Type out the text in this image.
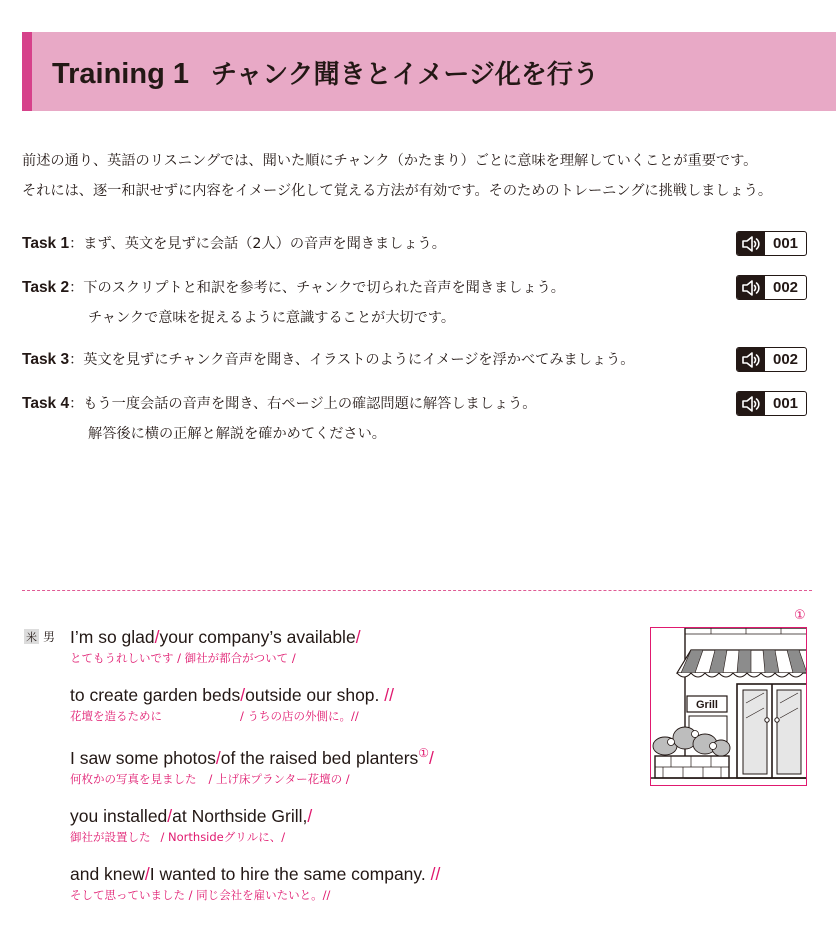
Training 1 チャンク聞きとイメージ化を行う

前述の通り、英語のリスニングでは、聞いた順にチャンク（かたまり）ごとに意味を理解していくことが重要です。

それには、逐一和訳せずに内容をイメージ化して覚える方法が有効です。そのためのトレーニングに挑戦しましょう。

Task 1：まず、英文を見ずに会話（2人）の音声を聞きましょう。	001
Task 2：下のスクリプトと和訳を参考に、チャンクで切られた音声を聞きましょう。
チャンクで意味を捉えるように意識することが大切です。
002
Task 3：英文を見ずにチャンク音声を聞き、イラストのようにイメージを浮かべてみましょう。	002
Task 4：もう一度会話の音声を聞き、右ページ上の確認問題に解答しましょう。
解答後に横の正解と解説を確かめてください。
001
米 男 I’m so glad/your company’s available/
とてもうれしいです / 御社が都合がついて /
to create garden beds/outside our shop. //
花壇を造るために	/ うちの店の外側に。//
I saw some photos/of the raised bed planters①/
何枚かの写真を見ました / 上げ床プランター花壇の /
you installed/at Northside Grill,/
御社が設置した / Northsideグリルに、/
and knew/I wanted to hire the same company. //
そして思っていました / 同じ会社を雇いたいと。//
①
Grill
